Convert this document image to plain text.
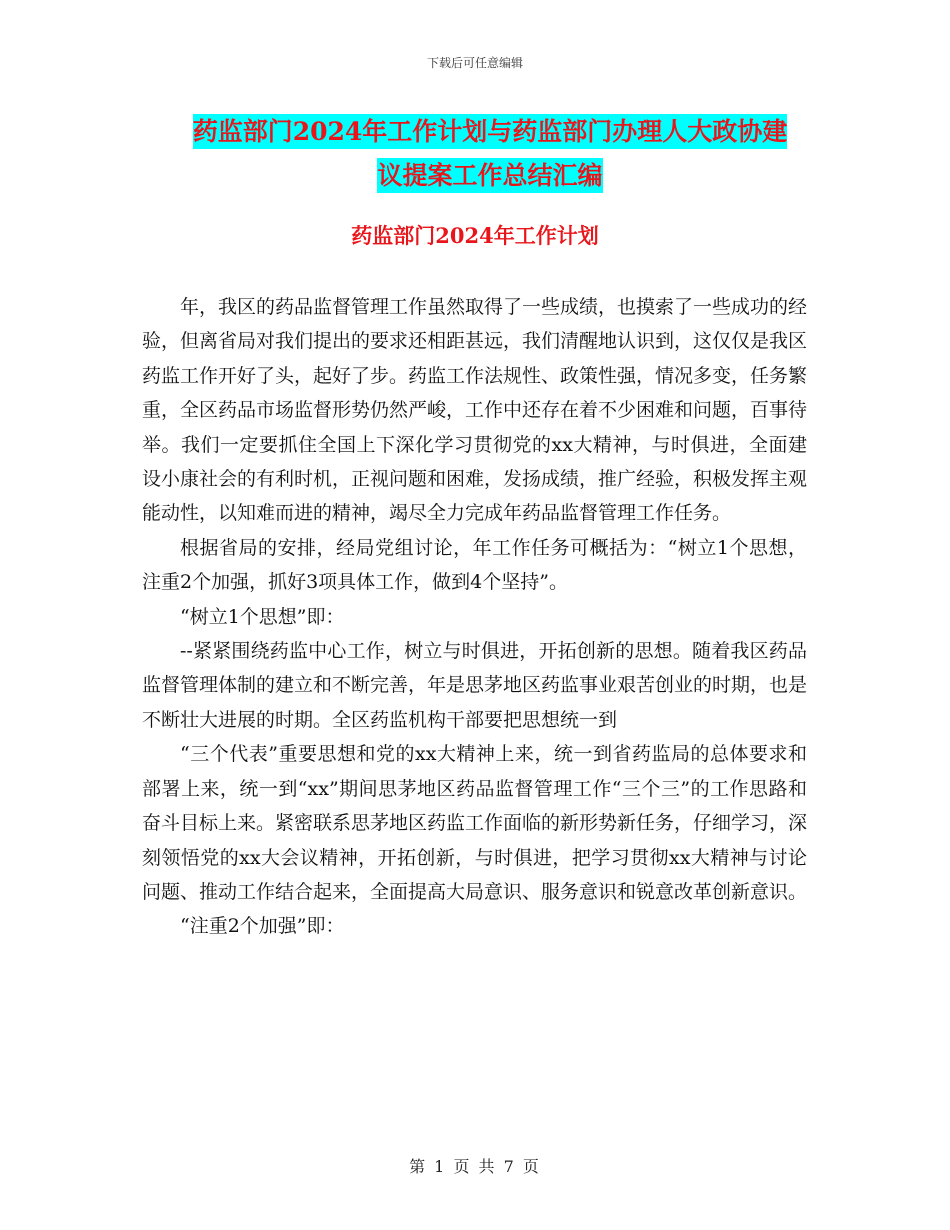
下载后可任意编辑
药监部门2024年工作计划与药监部门办理人大政协建
议提案工作总结汇编
药监部门2024年工作计划

年，我区的药品监督管理工作虽然取得了一些成绩，也摸索了一些成功的经验，但离省局对我们提出的要求还相距甚远，我们清醒地认识到，这仅仅是我区药监工作开好了头，起好了步。药监工作法规性、政策性强，情况多变，任务繁重，全区药品市场监督形势仍然严峻，工作中还存在着不少困难和问题，百事待举。我们一定要抓住全国上下深化学习贯彻党的xx大精神，与时俱进，全面建设小康社会的有利时机，正视问题和困难，发扬成绩，推广经验，积极发挥主观能动性，以知难而进的精神，竭尽全力完成年药品监督管理工作任务。

根据省局的安排，经局党组讨论，年工作任务可概括为：“树立1个思想，注重2个加强，抓好3项具体工作，做到4个坚持”。

“树立1个思想”即：

--紧紧围绕药监中心工作，树立与时俱进，开拓创新的思想。随着我区药品监督管理体制的建立和不断完善，年是思茅地区药监事业艰苦创业的时期，也是不断壮大进展的时期。全区药监机构干部要把思想统一到

“三个代表”重要思想和党的xx大精神上来，统一到省药监局的总体要求和部署上来，统一到“xx”期间思茅地区药品监督管理工作“三个三”的工作思路和奋斗目标上来。紧密联系思茅地区药监工作面临的新形势新任务，仔细学习，深刻领悟党的xx大会议精神，开拓创新，与时俱进，把学习贯彻xx大精神与讨论问题、推动工作结合起来，全面提高大局意识、服务意识和锐意改革创新意识。

“注重2个加强”即：

第 1 页 共 7 页
